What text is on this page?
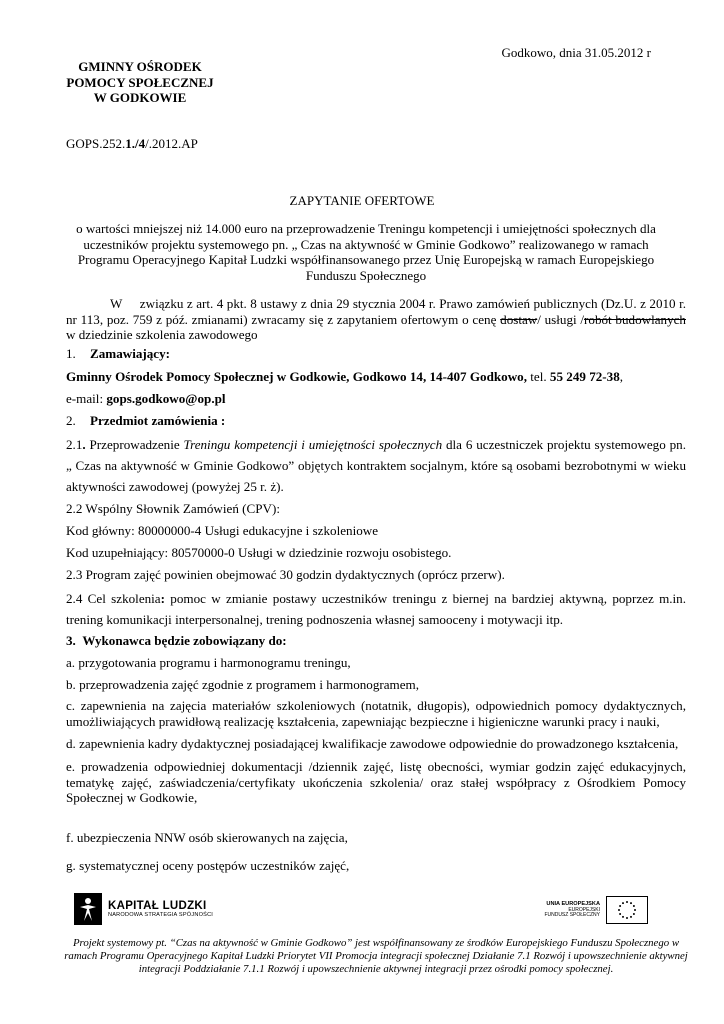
Godkowo, dnia 31.05.2012 r
GMINNY OŚRODEK
POMOCY SPOŁECZNEJ
W GODKOWIE
GOPS.252.1./4/.2012.AP
ZAPYTANIE OFERTOWE
o wartości mniejszej niż 14.000 euro na przeprowadzenie Treningu kompetencji i umiejętności społecznych dla uczestników projektu systemowego pn. „ Czas na aktywność w Gminie Godkowo” realizowanego w ramach Programu Operacyjnego Kapitał Ludzki współfinansowanego przez Unię Europejską w ramach Europejskiego Funduszu Społecznego
W związku z art. 4 pkt. 8 ustawy z dnia 29 stycznia 2004 r. Prawo zamówień publicznych (Dz.U. z 2010 r. nr 113, poz. 759 z póź. zmianami) zwracamy się z zapytaniem ofertowym o cenę dostaw/ usługi /robót budowlanych w dziedzinie szkolenia zawodowego
1. Zamawiający:
Gminny Ośrodek Pomocy Społecznej w Godkowie, Godkowo 14, 14-407 Godkowo, tel. 55 249 72-38,
e-mail: gops.godkowo@op.pl
2. Przedmiot zamówienia :
2.1. Przeprowadzenie Treningu kompetencji i umiejętności społecznych dla 6 uczestniczek projektu systemowego pn. „ Czas na aktywność w Gminie Godkowo” objętych kontraktem socjalnym, które są osobami bezrobotnymi w wieku aktywności zawodowej (powyżej 25 r. ż).
2.2 Wspólny Słownik Zamówień (CPV):
Kod główny: 80000000-4 Usługi edukacyjne i szkoleniowe
Kod uzupełniający: 80570000-0 Usługi w dziedzinie rozwoju osobistego.
2.3 Program zajęć powinien obejmować 30 godzin dydaktycznych (oprócz przerw).
2.4 Cel szkolenia: pomoc w zmianie postawy uczestników treningu z biernej na bardziej aktywną, poprzez m.in. trening komunikacji interpersonalnej, trening podnoszenia własnej samooceny i motywacji itp.
3. Wykonawca będzie zobowiązany do:
a. przygotowania programu i harmonogramu treningu,
b. przeprowadzenia zajęć zgodnie z programem i harmonogramem,
c. zapewnienia na zajęcia materiałów szkoleniowych (notatnik, długopis), odpowiednich pomocy dydaktycznych, umożliwiających prawidłową realizację kształcenia, zapewniając bezpieczne i higieniczne warunki pracy i nauki,
d. zapewnienia kadry dydaktycznej posiadającej kwalifikacje zawodowe odpowiednie do prowadzonego kształcenia,
e. prowadzenia odpowiedniej dokumentacji /dziennik zajęć, listę obecności, wymiar godzin zajęć edukacyjnych, tematykę zajęć, zaświadczenia/certyfikaty ukończenia szkolenia/ oraz stałej współpracy z Ośrodkiem Pomocy Społecznej w Godkowie,
f. ubezpieczenia NNW osób skierowanych na zajęcia,
g. systematycznej oceny postępów uczestników zajęć,
KAPITAŁ LUDZKI
NARODOWA STRATEGIA SPÓJNOŚCI
UNIA EUROPEJSKA
EUROPEJSKI
FUNDUSZ SPOŁECZNY
Projekt systemowy pt. “Czas na aktywność w Gminie Godkowo” jest współfinansowany ze środków Europejskiego Funduszu Społecznego w ramach Programu Operacyjnego Kapitał Ludzki Priorytet VII Promocja integracji społecznej Działanie 7.1 Rozwój i upowszechnienie aktywnej integracji Poddziałanie 7.1.1 Rozwój i upowszechnienie aktywnej integracji przez ośrodki pomocy społecznej.
